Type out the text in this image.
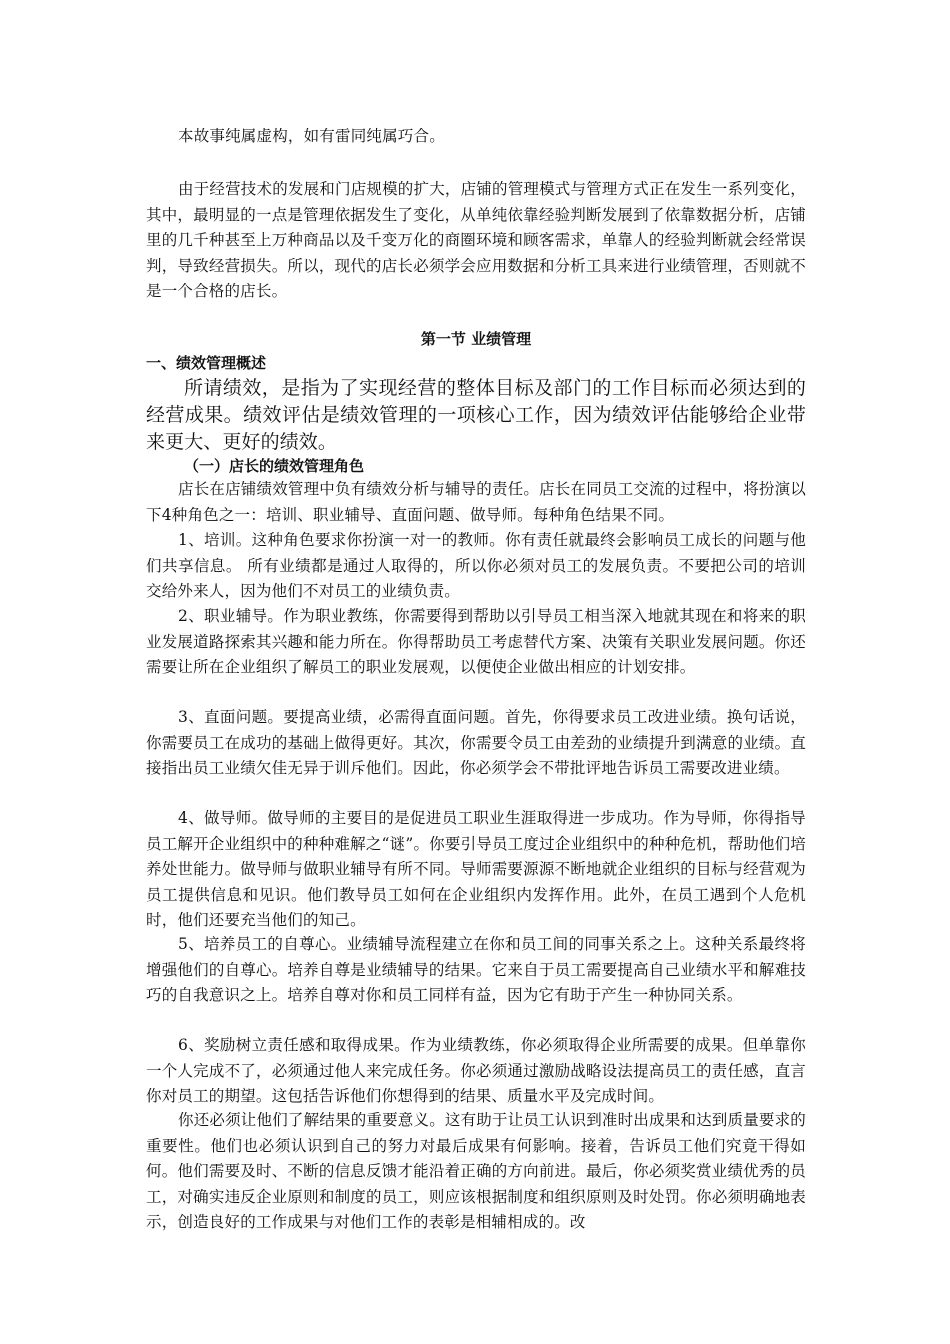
本故事纯属虚构，如有雷同纯属巧合。

由于经营技术的发展和门店规模的扩大，店铺的管理模式与管理方式正在发生一系列变化，其中，最明显的一点是管理依据发生了变化，从单纯依靠经验判断发展到了依靠数据分析，店铺里的几千种甚至上万种商品以及千变万化的商圈环境和顾客需求，单靠人的经验判断就会经常误判，导致经营损失。所以，现代的店长必须学会应用数据和分析工具来进行业绩管理，否则就不是一个合格的店长。

第一节 业绩管理
一、绩效管理概述

所请绩效，是指为了实现经营的整体目标及部门的工作目标而必须达到的经营成果。绩效评估是绩效管理的一项核心工作，因为绩效评估能够给企业带来更大、更好的绩效。

（一）店长的绩效管理角色

店长在店铺绩效管理中负有绩效分析与辅导的责任。店长在同员工交流的过程中，将扮演以下4种角色之一：培训、职业辅导、直面问题、做导师。每种角色结果不同。

1、培训。这种角色要求你扮演一对一的教师。你有责任就最终会影响员工成长的问题与他们共享信息。 所有业绩都是通过人取得的，所以你必须对员工的发展负责。不要把公司的培训交给外来人，因为他们不对员工的业绩负责。

2、职业辅导。作为职业教练，你需要得到帮助以引导员工相当深入地就其现在和将来的职业发展道路探索其兴趣和能力所在。你得帮助员工考虑替代方案、决策有关职业发展问题。你还需要让所在企业组织了解员工的职业发展观，以便使企业做出相应的计划安排。

3、直面问题。要提高业绩，必需得直面问题。首先，你得要求员工改进业绩。换句话说，你需要员工在成功的基础上做得更好。其次，你需要令员工由差劲的业绩提升到满意的业绩。直接指出员工业绩欠佳无异于训斥他们。因此，你必须学会不带批评地告诉员工需要改进业绩。

4、做导师。做导师的主要目的是促进员工职业生涯取得进一步成功。作为导师，你得指导员工解开企业组织中的种种难解之“谜”。你要引导员工度过企业组织中的种种危机，帮助他们培养处世能力。做导师与做职业辅导有所不同。导师需要源源不断地就企业组织的目标与经营观为员工提供信息和见识。他们教导员工如何在企业组织内发挥作用。此外，在员工遇到个人危机时，他们还要充当他们的知己。

5、培养员工的自尊心。业绩辅导流程建立在你和员工间的同事关系之上。这种关系最终将增强他们的自尊心。培养自尊是业绩辅导的结果。它来自于员工需要提高自己业绩水平和解难技巧的自我意识之上。培养自尊对你和员工同样有益，因为它有助于产生一种协同关系。

6、奖励树立责任感和取得成果。作为业绩教练，你必须取得企业所需要的成果。但单靠你一个人完成不了，必须通过他人来完成任务。你必须通过激励战略设法提高员工的责任感，直言你对员工的期望。这包括告诉他们你想得到的结果、质量水平及完成时间。

你还必须让他们了解结果的重要意义。这有助于让员工认识到准时出成果和达到质量要求的重要性。他们也必须认识到自己的努力对最后成果有何影响。接着，告诉员工他们究竟干得如何。他们需要及时、不断的信息反馈才能沿着正确的方向前进。最后，你必须奖赏业绩优秀的员工，对确实违反企业原则和制度的员工，则应该根据制度和组织原则及时处罚。你必须明确地表示，创造良好的工作成果与对他们工作的表彰是相辅相成的。改
